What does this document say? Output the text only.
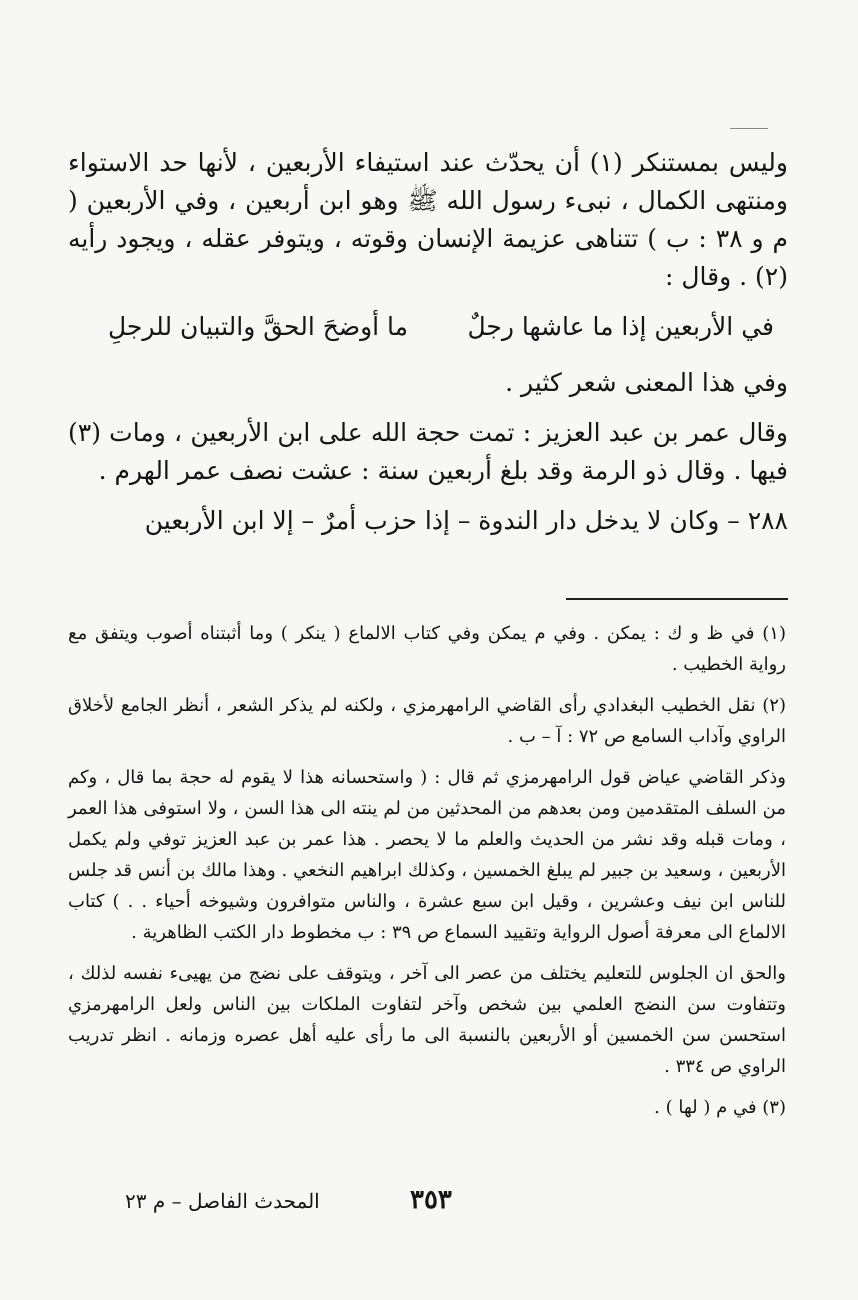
وليس بمستنكر (١) أن يحدّث عند استيفاء الأربعين ، لأنها حد الاستواء ومنتهى الكمال ، نبىء رسول الله ﷺ وهو ابن أربعين ، وفي الأربعين ( م و ٣٨ : ب ) تتناهى عزيمة الإنسان وقوته ، ويتوفر عقله ، ويجود رأيه (٢) . وقال :

في الأربعين إذا ما عاشها رجلٌ
ما أوضحَ الحقَّ والتبيان للرجلِ

وفي هذا المعنى شعر كثير .

وقال عمر بن عبد العزيز : تمت حجة الله على ابن الأربعين ، ومات (٣) فيها . وقال ذو الرمة وقد بلغ أربعين سنة : عشت نصف عمر الهرم .

٢٨٨ – وكان لا يدخل دار الندوة – إذا حزب أمرٌ – إلا ابن الأربعين

(١) في ظ و ك : يمكن . وفي م يمكن وفي كتاب الالماع ( ينكر ) وما أثبتناه أصوب ويتفق مع رواية الخطيب .

(٢) نقل الخطيب البغدادي رأى القاضي الرامهرمزي ، ولكنه لم يذكر الشعر ، أنظر الجامع لأخلاق الراوي وآداب السامع ص ٧٢ : آ – ب .

وذكر القاضي عياض قول الرامهرمزي ثم قال : ( واستحسانه هذا لا يقوم له حجة بما قال ، وكم من السلف المتقدمين ومن بعدهم من المحدثين من لم ينته الى هذا السن ، ولا استوفى هذا العمر ، ومات قبله وقد نشر من الحديث والعلم ما لا يحصر . هذا عمر بن عبد العزيز توفي ولم يكمل الأربعين ، وسعيد بن جبير لم يبلغ الخمسين ، وكذلك ابراهيم النخعي . وهذا مالك بن أنس قد جلس للناس ابن نيف وعشرين ، وقيل ابن سبع عشرة ، والناس متوافرون وشيوخه أحياء . . ) كتاب الالماع الى معرفة أصول الرواية وتقييد السماع ص ٣٩ : ب مخطوط دار الكتب الظاهرية .

والحق ان الجلوس للتعليم يختلف من عصر الى آخر ، ويتوقف على نضج من يهيىء نفسه لذلك ، وتتفاوت سن النضج العلمي بين شخص وآخر لتفاوت الملكات بين الناس ولعل الرامهرمزي استحسن سن الخمسين أو الأربعين بالنسبة الى ما رأى عليه أهل عصره وزمانه . انظر تدريب الراوي ص ٣٣٤ .

(٣) في م ( لها ) .

٣٥٣
المحدث الفاصل – م ٢٣
